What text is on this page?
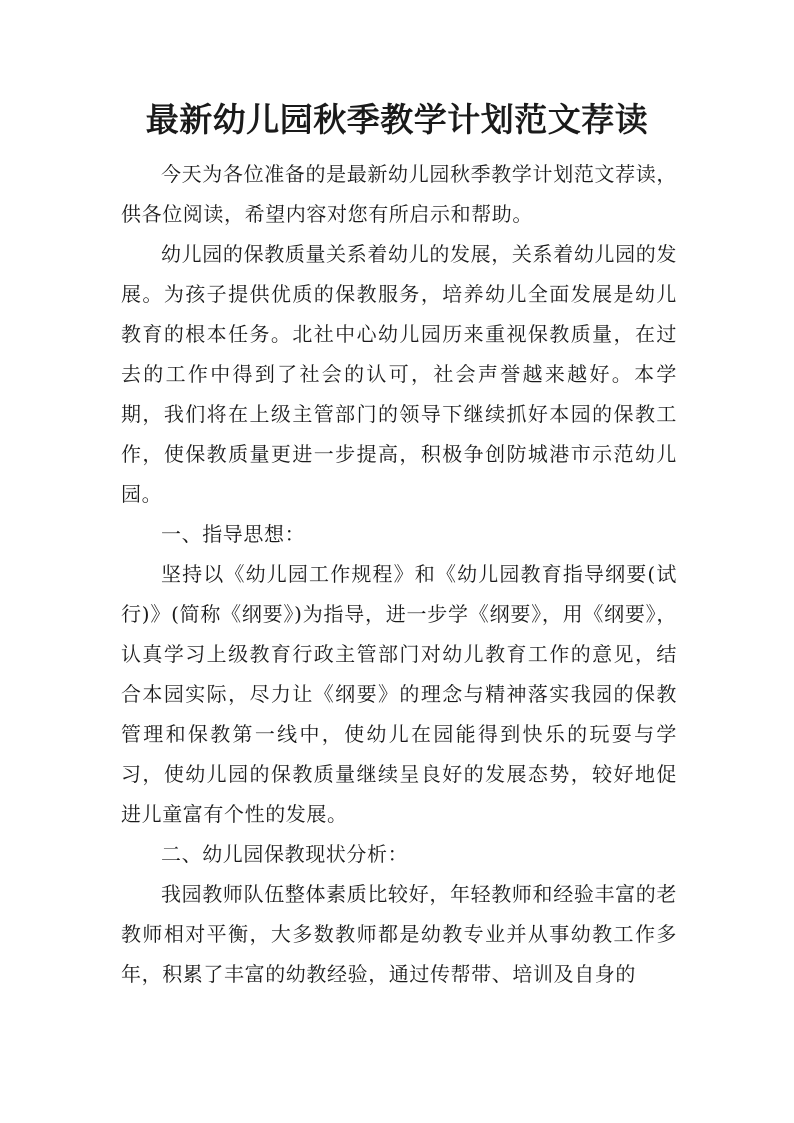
最新幼儿园秋季教学计划范文荐读

今天为各位准备的是最新幼儿园秋季教学计划范文荐读，供各位阅读，希望内容对您有所启示和帮助。

幼儿园的保教质量关系着幼儿的发展，关系着幼儿园的发展。为孩子提供优质的保教服务，培养幼儿全面发展是幼儿教育的根本任务。北社中心幼儿园历来重视保教质量，在过去的工作中得到了社会的认可，社会声誉越来越好。本学期，我们将在上级主管部门的领导下继续抓好本园的保教工作，使保教质量更进一步提高，积极争创防城港市示范幼儿园。

一、指导思想：

坚持以《幼儿园工作规程》和《幼儿园教育指导纲要(试行)》(简称《纲要》)为指导，进一步学《纲要》，用《纲要》，认真学习上级教育行政主管部门对幼儿教育工作的意见，结合本园实际，尽力让《纲要》的理念与精神落实我园的保教管理和保教第一线中，使幼儿在园能得到快乐的玩耍与学习，使幼儿园的保教质量继续呈良好的发展态势，较好地促进儿童富有个性的发展。

二、幼儿园保教现状分析：

我园教师队伍整体素质比较好，年轻教师和经验丰富的老教师相对平衡，大多数教师都是幼教专业并从事幼教工作多年，积累了丰富的幼教经验，通过传帮带、培训及自身的
